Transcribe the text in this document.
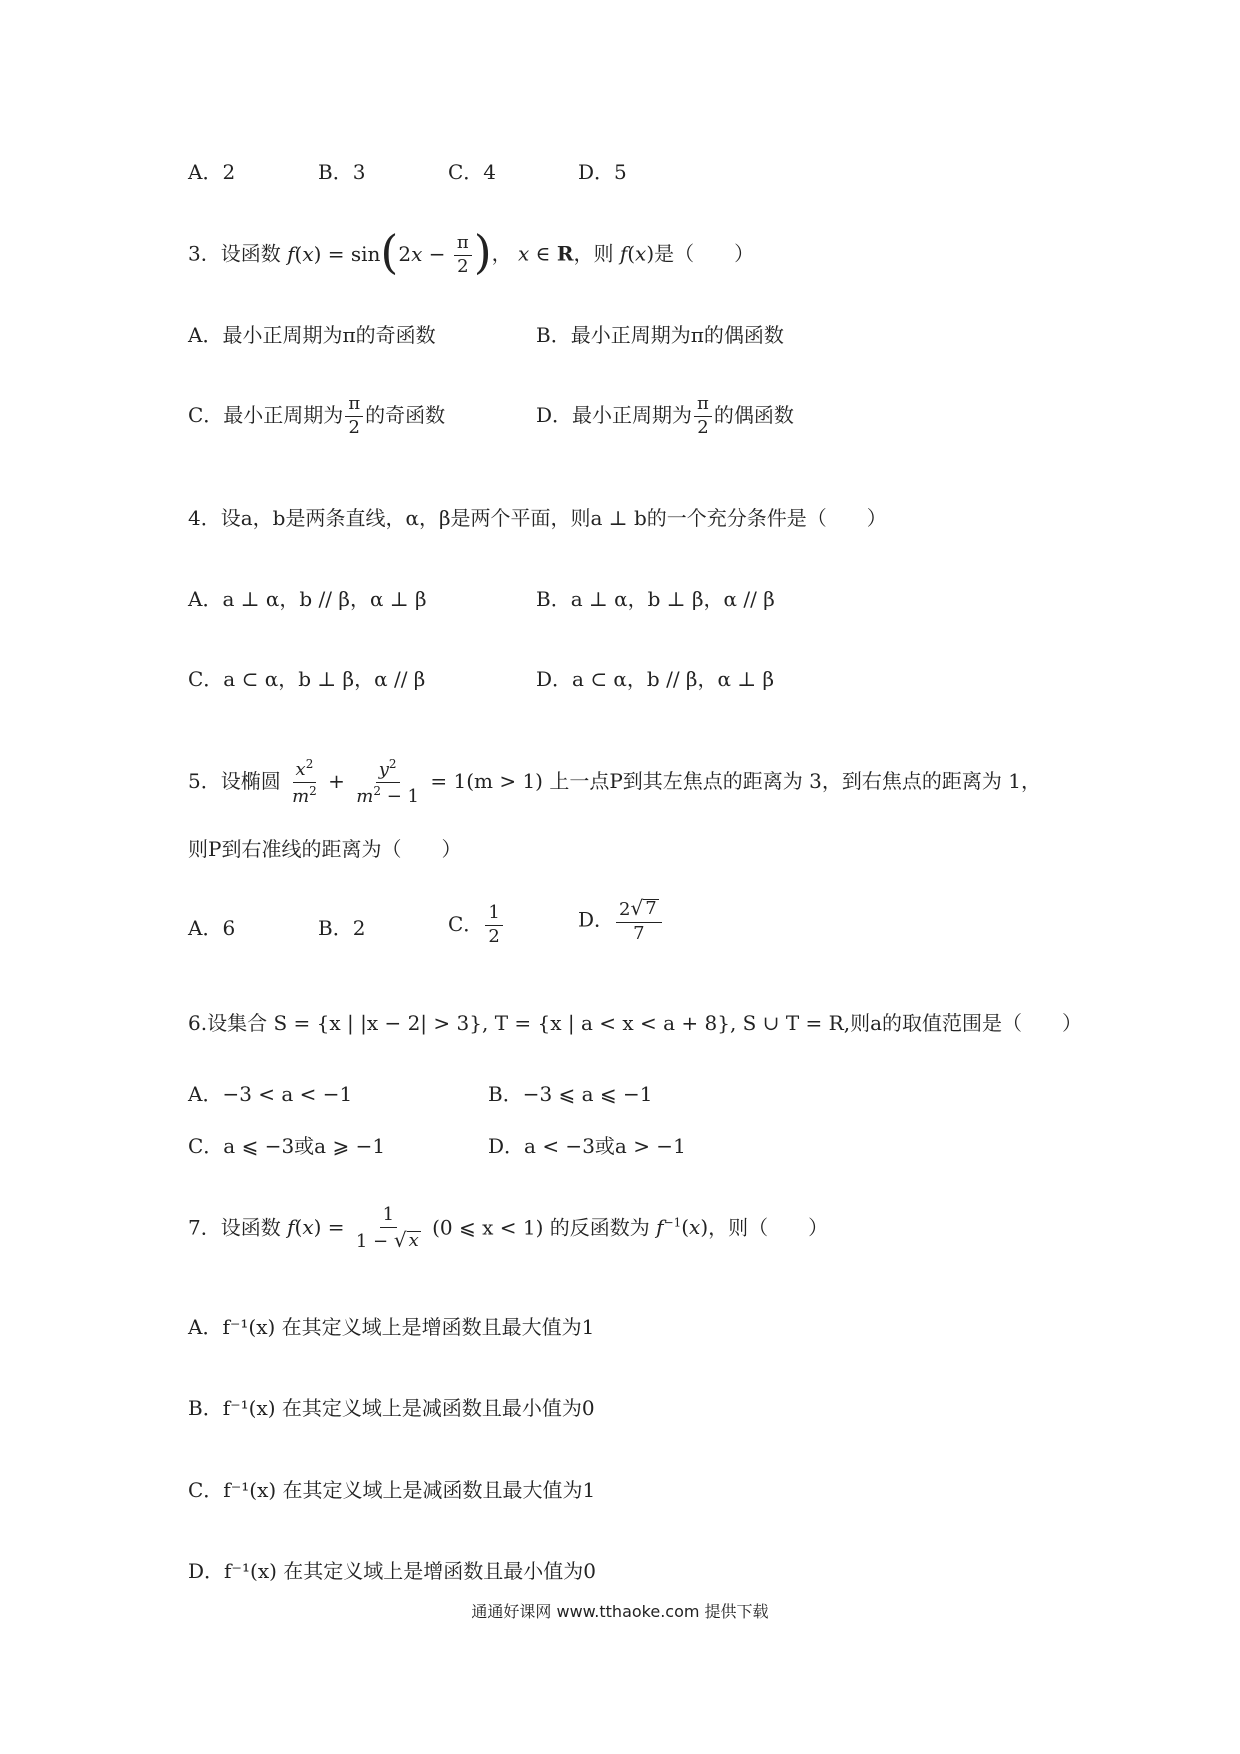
A．2	B．3	C．4	D．5
3．设函数 $f(x) = \sin(2x - \frac{\pi}{2}$ )， x ∈ R，则 f(x)是（ ）
A．最小正周期为π的奇函数	B．最小正周期为π的偶函数
C．最小正周期为 $\frac{\pi}{2}$ 的奇函数	D．最小正周期为 $\frac{\pi}{2}$ 的偶函数
4．设a，b是两条直线，α，β是两个平面，则a ⊥ b的一个充分条件是（ ）
A．a ⊥ α，b // β，α ⊥ β	B．a ⊥ α，b ⊥ β，α // β
C．a ⊂ α，b ⊥ β，α // β	D．a ⊂ α，b // β，α ⊥ β
5．设椭圆 $\frac{x^2}{m^2} + \frac{y^2}{m^2 - 1} = 1(m > 1)$ 上一点P到其左焦点的距离为 3，到右焦点的距离为 1，
则P到右准线的距离为（ ）
A．6	B．2	C． $\frac{1}{2}$	D． $\frac{2 √ 7}{7}$
6.设集合 S = {x | |x − 2| > 3}, T = {x | a < x < a + 8}, S ∪ T = R,则a的取值范围是（ ）
A．−3 < a < −1	B．−3 ⩽ a ⩽ −1
C．a ⩽ −3或a ⩾ −1	D．a < −3或a > −1
7．设函数 $f(x) = \frac{1}{1 - √ x} (0$ ⩽ x < 1) 的反函数为 $f^{-1}(x)$，则（ ）
A．f⁻¹(x) 在其定义域上是增函数且最大值为1
B．f⁻¹(x) 在其定义域上是减函数且最小值为0
C．f⁻¹(x) 在其定义域上是减函数且最大值为1
D．f⁻¹(x) 在其定义域上是增函数且最小值为0
通通好课网 www.tthaoke.com 提供下载
